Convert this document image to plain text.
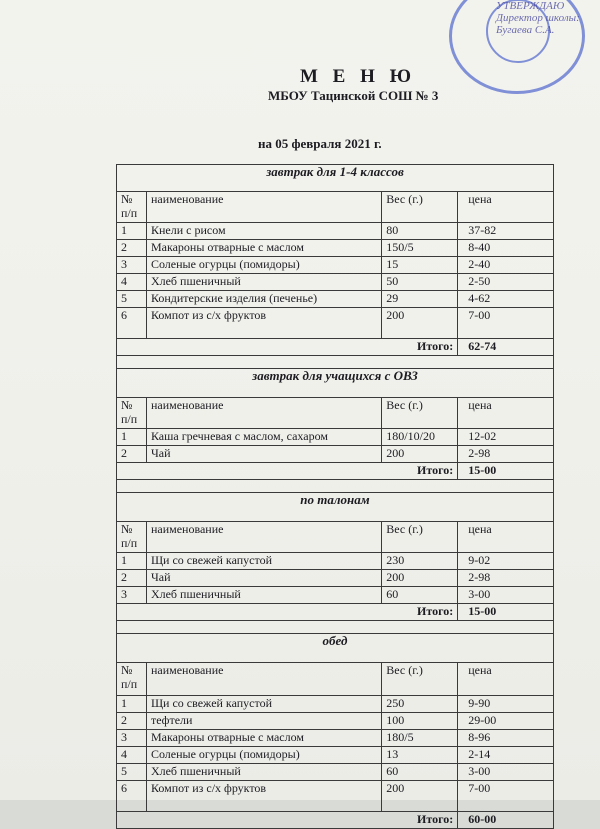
УТВЕРЖДАЮ
Директор школы:
Бугаева С.А.
М Е Н Ю
МБОУ Тацинской СОШ № 3
на 05 февраля 2021 г.
завтрак для 1-4 классов			
№ п/п	наименование	Вес (г.)	цена
1	Кнели с рисом	80	37-82
2	Макароны отварные с маслом	150/5	8-40
3	Соленые огурцы (помидоры)	15	2-40
4	Хлеб пшеничный	50	2-50
5	Кондитерские изделия (печенье)	29	4-62
6	Компот из с/х фруктов	200	7-00
Итого:			62-74

завтрак для учащихся с ОВЗ			
№ п/п	наименование	Вес (г.)	цена
1	Каша гречневая с маслом, сахаром	180/10/20	12-02
2	Чай	200	2-98
Итого:			15-00

по талонам			
№ п/п	наименование	Вес (г.)	цена
1	Щи со свежей капустой	230	9-02
2	Чай	200	2-98
3	Хлеб пшеничный	60	3-00
Итого:			15-00

обед			
№ п/п	наименование	Вес (г.)	цена
1	Щи со свежей капустой	250	9-90
2	тефтели	100	29-00
3	Макароны отварные с маслом	180/5	8-96
4	Соленые огурцы (помидоры)	13	2-14
5	Хлеб пшеничный	60	3-00
6	Компот из с/х фруктов	200	7-00
Итого:			60-00
